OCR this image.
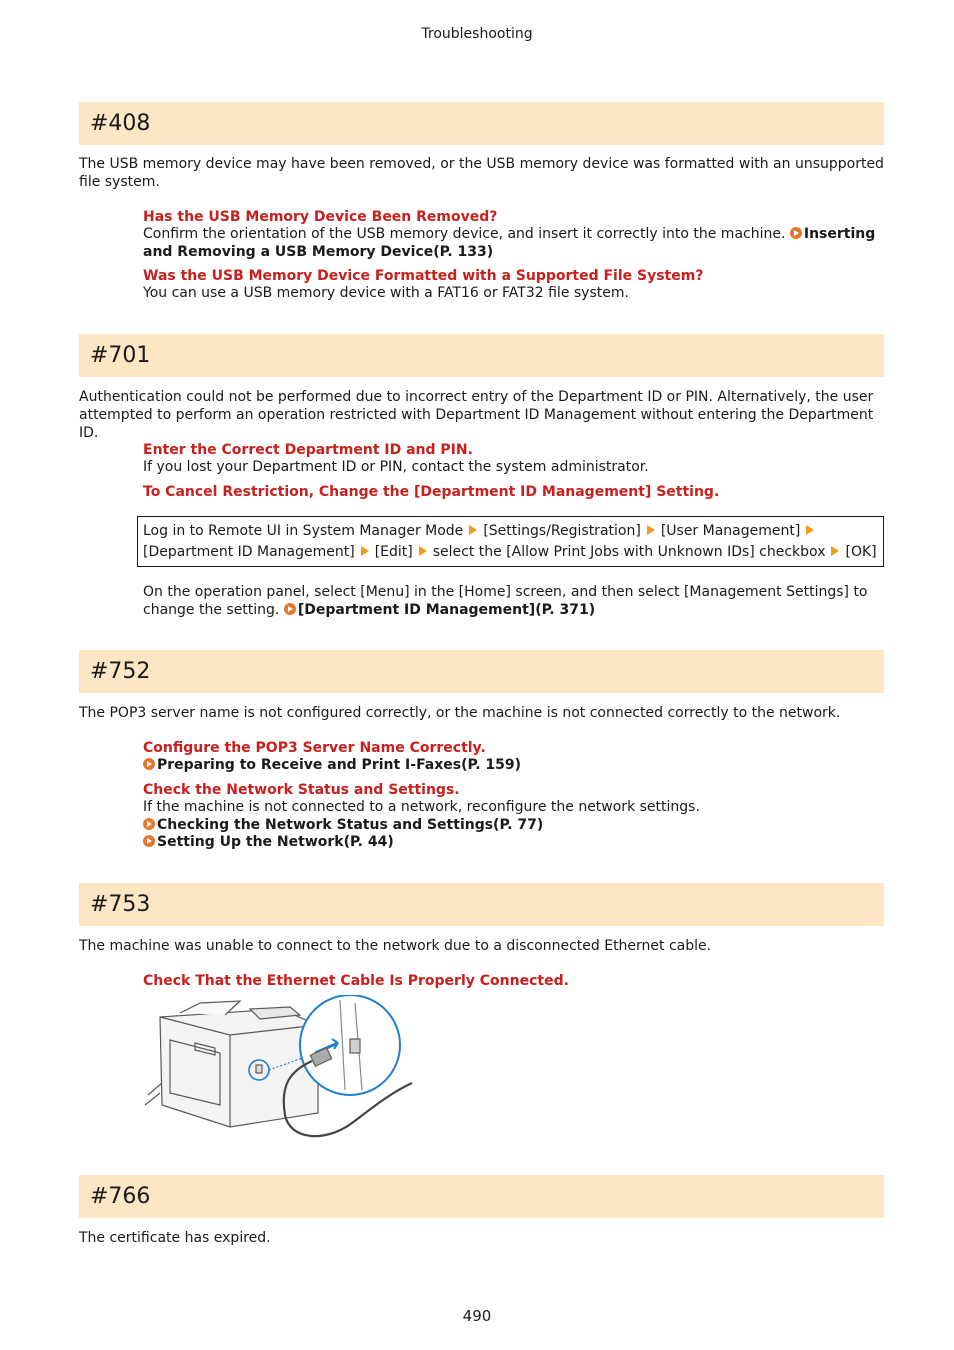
Troubleshooting
#408
The USB memory device may have been removed, or the USB memory device was formatted with an unsupported file system.
Has the USB Memory Device Been Removed?
Confirm the orientation of the USB memory device, and insert it correctly into the machine. Inserting and Removing a USB Memory Device(P. 133)
Was the USB Memory Device Formatted with a Supported File System?
You can use a USB memory device with a FAT16 or FAT32 file system.
#701
Authentication could not be performed due to incorrect entry of the Department ID or PIN. Alternatively, the user attempted to perform an operation restricted with Department ID Management without entering the Department ID.
Enter the Correct Department ID and PIN.
If you lost your Department ID or PIN, contact the system administrator.
To Cancel Restriction, Change the [Department ID Management] Setting.
Log in to Remote UI in System Manager Mode [Settings/Registration] [User Management]
[Department ID Management] [Edit] select the [Allow Print Jobs with Unknown IDs] checkbox [OK]
On the operation panel, select [Menu] in the [Home] screen, and then select [Management Settings] to change the setting. [Department ID Management](P. 371)
#752
The POP3 server name is not configured correctly, or the machine is not connected correctly to the network.
Configure the POP3 Server Name Correctly.
Preparing to Receive and Print I-Faxes(P. 159)
Check the Network Status and Settings.
If the machine is not connected to a network, reconfigure the network settings.
Checking the Network Status and Settings(P. 77)
Setting Up the Network(P. 44)
#753
The machine was unable to connect to the network due to a disconnected Ethernet cable.
Check That the Ethernet Cable Is Properly Connected.
#766
The certificate has expired.
490
